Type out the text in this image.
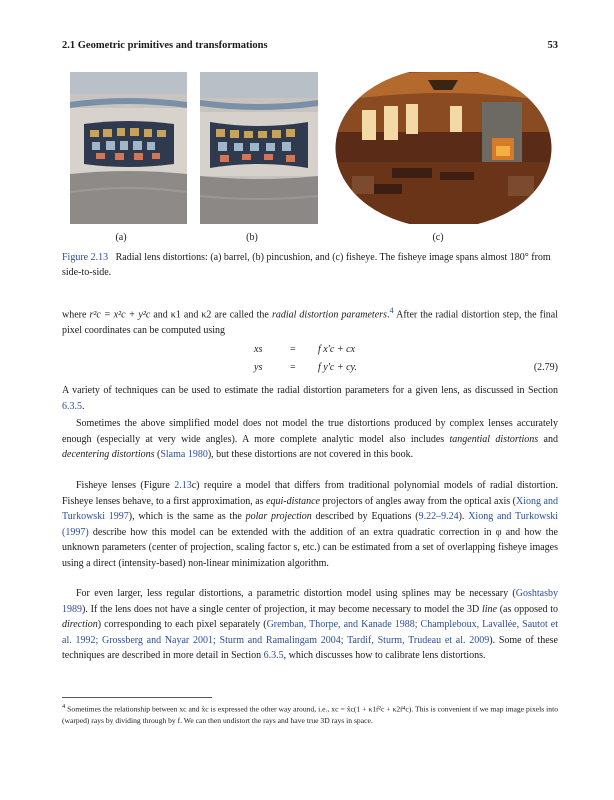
2.1 Geometric primitives and transformations	53
(a)	(b)	(c)
Figure 2.13 Radial lens distortions: (a) barrel, (b) pincushion, and (c) fisheye. The fisheye image spans almost 180° from side-to-side.
where r²c = x²c + y²c and κ1 and κ2 are called the radial distortion parameters.$^4$ After the radial distortion step, the final pixel coordinates can be computed using
xs	= f x′c + cx
ys	= f y′c + cy.	(2.79)
A variety of techniques can be used to estimate the radial distortion parameters for a given lens, as discussed in Section 6.3.5.
Sometimes the above simplified model does not model the true distortions produced by complex lenses accurately enough (especially at very wide angles). A more complete analytic model also includes tangential distortions and decentering distortions (Slama 1980), but these distortions are not covered in this book.
Fisheye lenses (Figure 2.13c) require a model that differs from traditional polynomial models of radial distortion. Fisheye lenses behave, to a first approximation, as equi-distance projectors of angles away from the optical axis (Xiong and Turkowski 1997), which is the same as the polar projection described by Equations (9.22–9.24). Xiong and Turkowski (1997) describe how this model can be extended with the addition of an extra quadratic correction in φ and how the unknown parameters (center of projection, scaling factor s, etc.) can be estimated from a set of overlapping fisheye images using a direct (intensity-based) non-linear minimization algorithm.
For even larger, less regular distortions, a parametric distortion model using splines may be necessary (Goshtasby 1989). If the lens does not have a single center of projection, it may become necessary to model the 3D line (as opposed to direction) corresponding to each pixel separately (Gremban, Thorpe, and Kanade 1988; Champleboux, Lavallée, Sautot et al. 1992; Grossberg and Nayar 2001; Sturm and Ramalingam 2004; Tardif, Sturm, Trudeau et al. 2009). Some of these techniques are described in more detail in Section 6.3.5, which discusses how to calibrate lens distortions.
$^4$ Sometimes the relationship between xc and x̂c is expressed the other way around, i.e., xc = x̂c(1 + κ1r̂²c + κ2r̂⁴c). This is convenient if we map image pixels into (warped) rays by dividing through by f. We can then undistort the rays and have true 3D rays in space.
